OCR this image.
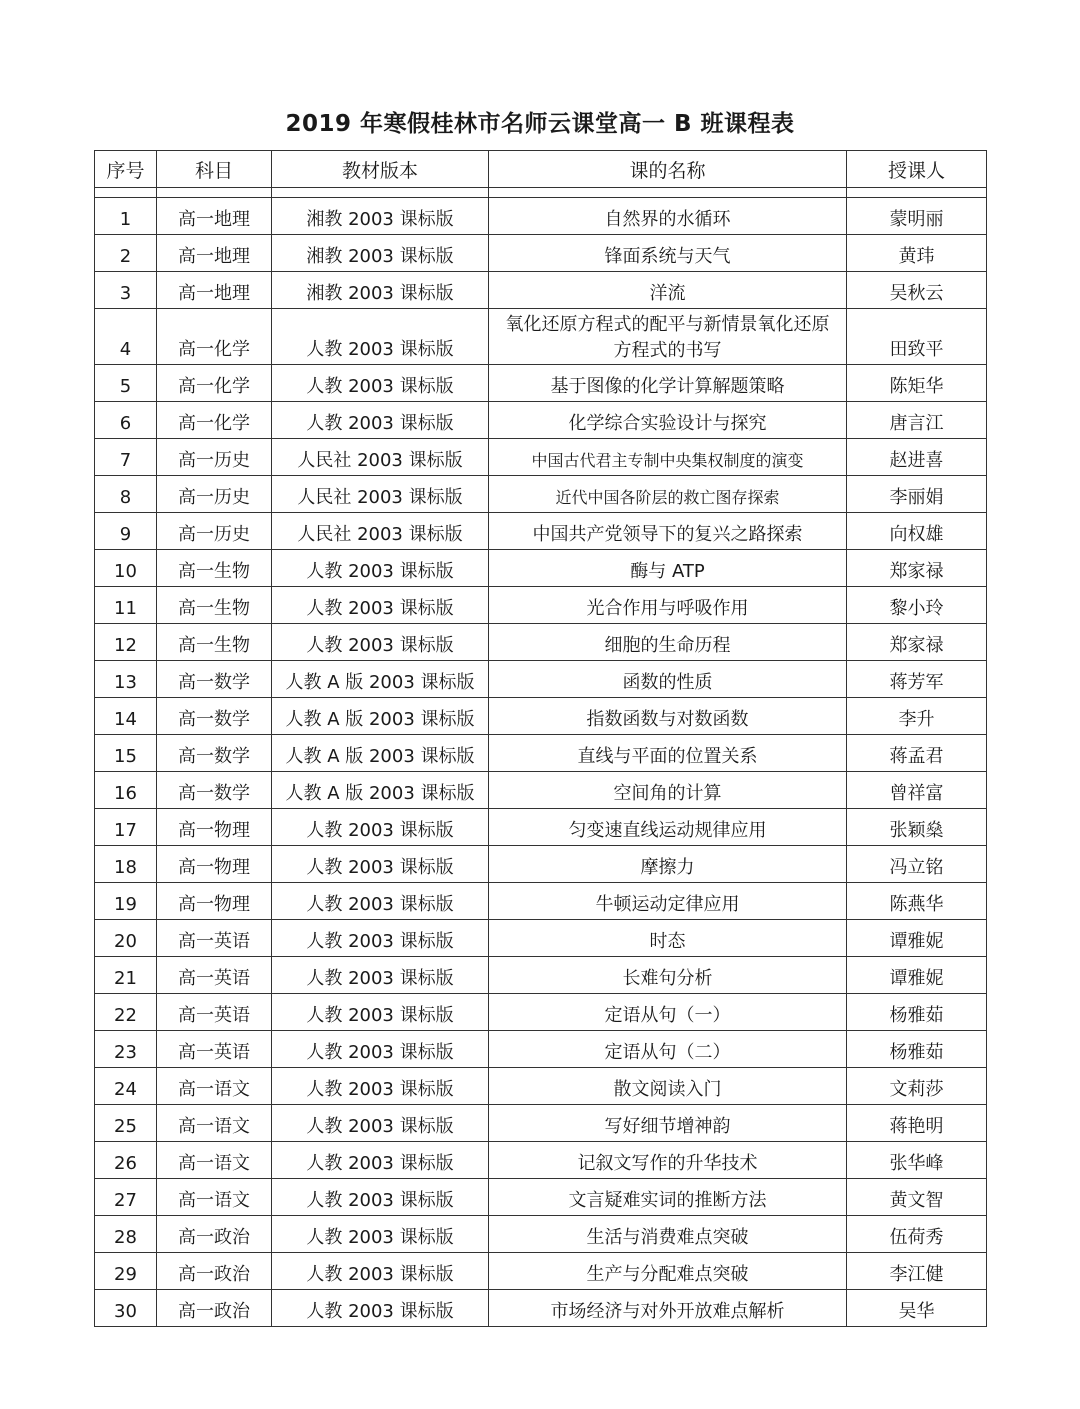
2019 年寒假桂林市名师云课堂高一 B 班课程表
序号	科目	教材版本	课的名称	授课人

1	高一地理	湘教 2003 课标版	自然界的水循环	蒙明丽
2	高一地理	湘教 2003 课标版	锋面系统与天气	黄玮
3	高一地理	湘教 2003 课标版	洋流	吴秋云
4	高一化学	人教 2003 课标版	氧化还原方程式的配平与新情景氧化还原方程式的书写	田致平
5	高一化学	人教 2003 课标版	基于图像的化学计算解题策略	陈矩华
6	高一化学	人教 2003 课标版	化学综合实验设计与探究	唐言江
7	高一历史	人民社 2003 课标版	中国古代君主专制中央集权制度的演变	赵进喜
8	高一历史	人民社 2003 课标版	近代中国各阶层的救亡图存探索	李丽娟
9	高一历史	人民社 2003 课标版	中国共产党领导下的复兴之路探索	向权雄
10	高一生物	人教 2003 课标版	酶与 ATP	郑家禄
11	高一生物	人教 2003 课标版	光合作用与呼吸作用	黎小玲
12	高一生物	人教 2003 课标版	细胞的生命历程	郑家禄
13	高一数学	人教 A 版 2003 课标版	函数的性质	蒋芳军
14	高一数学	人教 A 版 2003 课标版	指数函数与对数函数	李升
15	高一数学	人教 A 版 2003 课标版	直线与平面的位置关系	蒋孟君
16	高一数学	人教 A 版 2003 课标版	空间角的计算	曾祥富
17	高一物理	人教 2003 课标版	匀变速直线运动规律应用	张颖燊
18	高一物理	人教 2003 课标版	摩擦力	冯立铭
19	高一物理	人教 2003 课标版	牛顿运动定律应用	陈燕华
20	高一英语	人教 2003 课标版	时态	谭雅妮
21	高一英语	人教 2003 课标版	长难句分析	谭雅妮
22	高一英语	人教 2003 课标版	定语从句（一）	杨雅茹
23	高一英语	人教 2003 课标版	定语从句（二）	杨雅茹
24	高一语文	人教 2003 课标版	散文阅读入门	文莉莎
25	高一语文	人教 2003 课标版	写好细节增神韵	蒋艳明
26	高一语文	人教 2003 课标版	记叙文写作的升华技术	张华峰
27	高一语文	人教 2003 课标版	文言疑难实词的推断方法	黄文智
28	高一政治	人教 2003 课标版	生活与消费难点突破	伍荷秀
29	高一政治	人教 2003 课标版	生产与分配难点突破	李江健
30	高一政治	人教 2003 课标版	市场经济与对外开放难点解析	吴华
